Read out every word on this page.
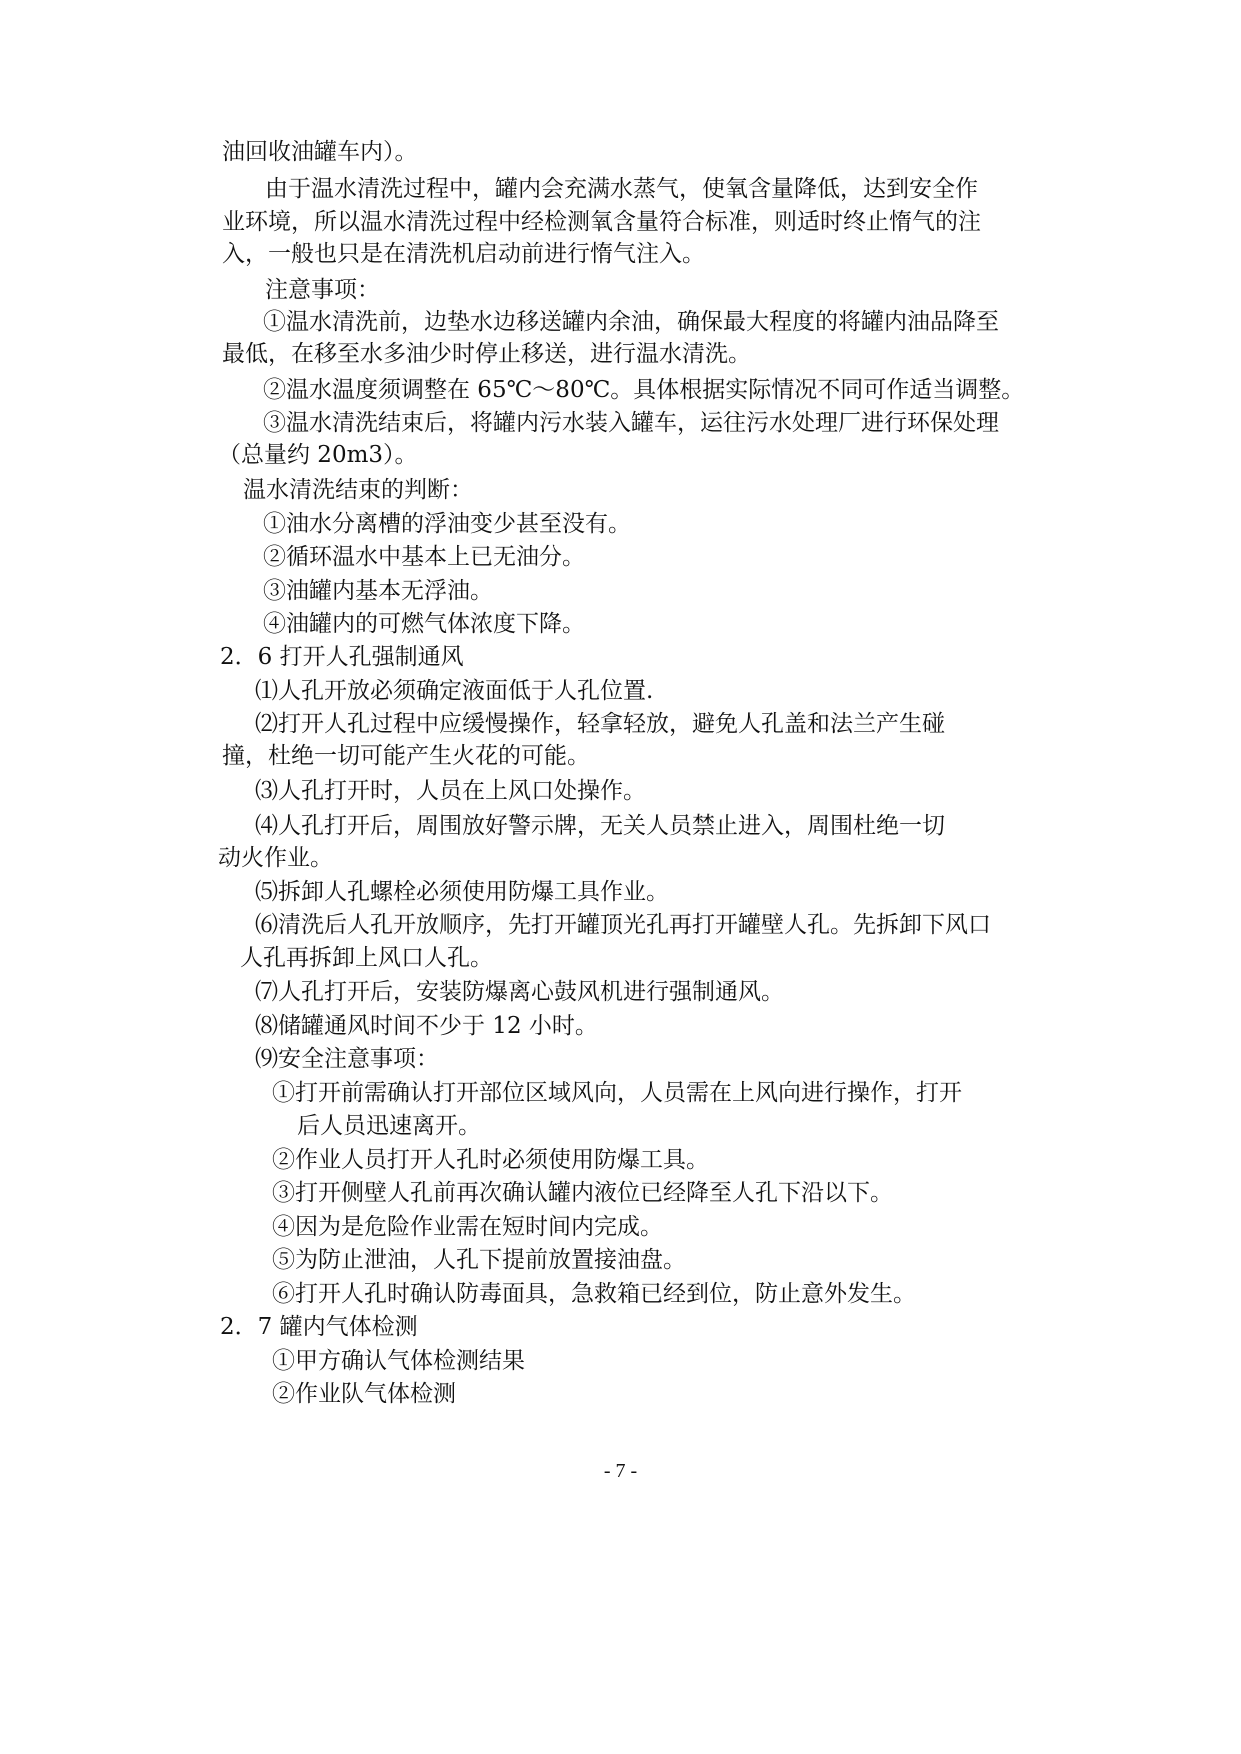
油回收油罐车内）。
由于温水清洗过程中，罐内会充满水蒸气，使氧含量降低，达到安全作
业环境，所以温水清洗过程中经检测氧含量符合标准，则适时终止惰气的注
入，一般也只是在清洗机启动前进行惰气注入。
注意事项：
①温水清洗前，边垫水边移送罐内余油，确保最大程度的将罐内油品降至
最低，在移至水多油少时停止移送，进行温水清洗。
②温水温度须调整在 65℃～80℃。具体根据实际情况不同可作适当调整。
③温水清洗结束后，将罐内污水装入罐车，运往污水处理厂进行环保处理
（总量约 20m3）。
温水清洗结束的判断：
①油水分离槽的浮油变少甚至没有。
②循环温水中基本上已无油分。
③油罐内基本无浮油。
④油罐内的可燃气体浓度下降。
2．6 打开人孔强制通风
⑴人孔开放必须确定液面低于人孔位置.
⑵打开人孔过程中应缓慢操作，轻拿轻放，避免人孔盖和法兰产生碰
撞，杜绝一切可能产生火花的可能。
⑶人孔打开时，人员在上风口处操作。
⑷人孔打开后，周围放好警示牌，无关人员禁止进入，周围杜绝一切
动火作业。
⑸拆卸人孔螺栓必须使用防爆工具作业。
⑹清洗后人孔开放顺序，先打开罐顶光孔再打开罐壁人孔。先拆卸下风口
人孔再拆卸上风口人孔。
⑺人孔打开后，安装防爆离心鼓风机进行强制通风。
⑻储罐通风时间不少于 12 小时。
⑼安全注意事项：
①打开前需确认打开部位区域风向，人员需在上风向进行操作，打开
后人员迅速离开。
②作业人员打开人孔时必须使用防爆工具。
③打开侧壁人孔前再次确认罐内液位已经降至人孔下沿以下。
④因为是危险作业需在短时间内完成。
⑤为防止泄油，人孔下提前放置接油盘。
⑥打开人孔时确认防毒面具，急救箱已经到位，防止意外发生。
2．7 罐内气体检测
①甲方确认气体检测结果
②作业队气体检测
- 7 -
